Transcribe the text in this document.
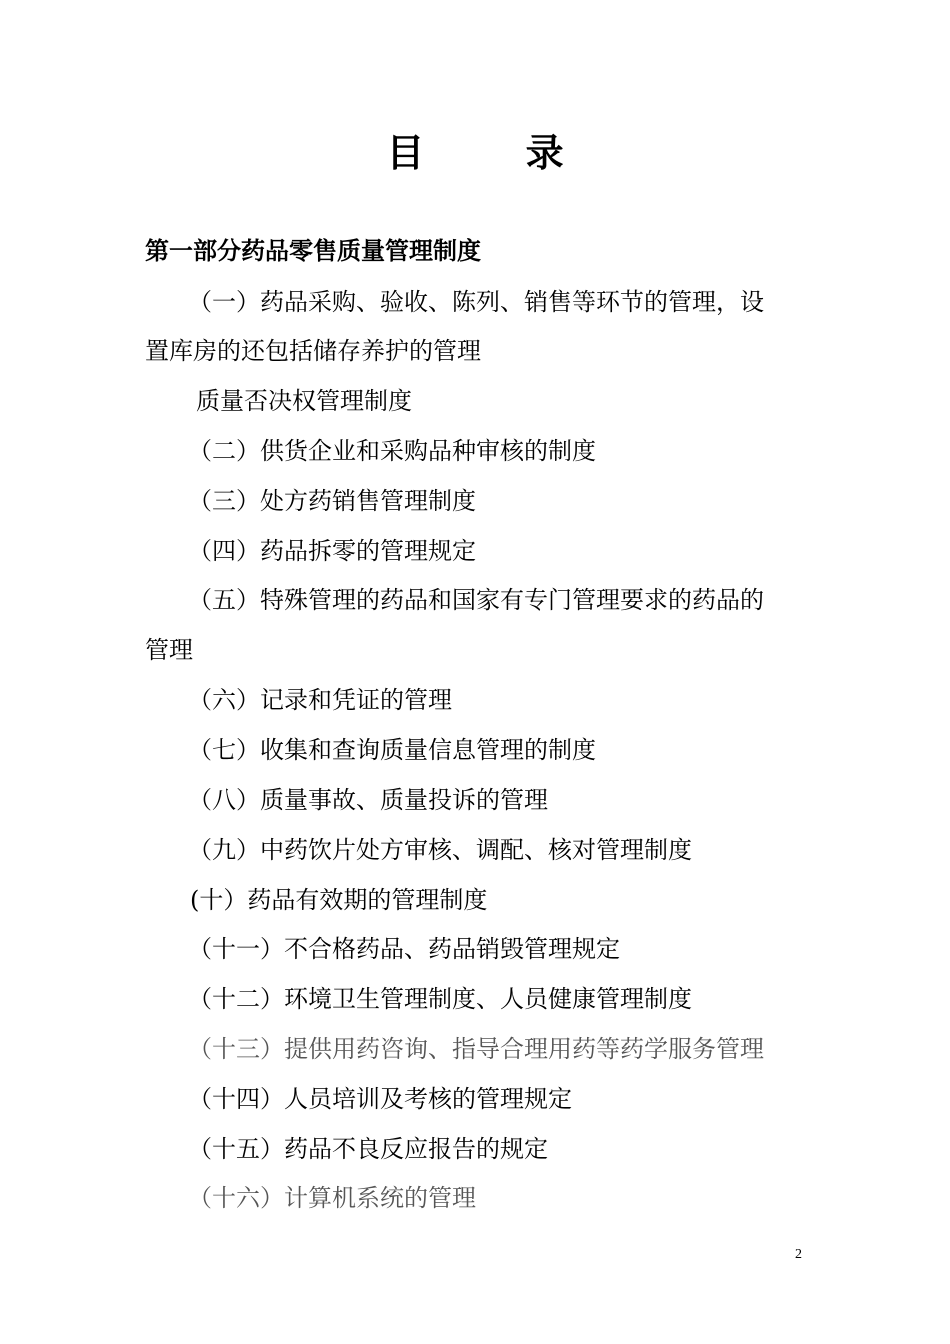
目 录
第一部分药品零售质量管理制度
（一）药品采购、验收、陈列、销售等环节的管理，设
置库房的还包括储存养护的管理
质量否决权管理制度
（二）供货企业和采购品种审核的制度
（三）处方药销售管理制度
（四）药品拆零的管理规定
（五）特殊管理的药品和国家有专门管理要求的药品的
管理
（六）记录和凭证的管理
（七）收集和查询质量信息管理的制度
（八）质量事故、质量投诉的管理
（九）中药饮片处方审核、调配、核对管理制度
(十）药品有效期的管理制度
（十一）不合格药品、药品销毁管理规定
（十二）环境卫生管理制度、人员健康管理制度
（十三）提供用药咨询、指导合理用药等药学服务管理
（十四）人员培训及考核的管理规定
（十五）药品不良反应报告的规定
（十六）计算机系统的管理
2
